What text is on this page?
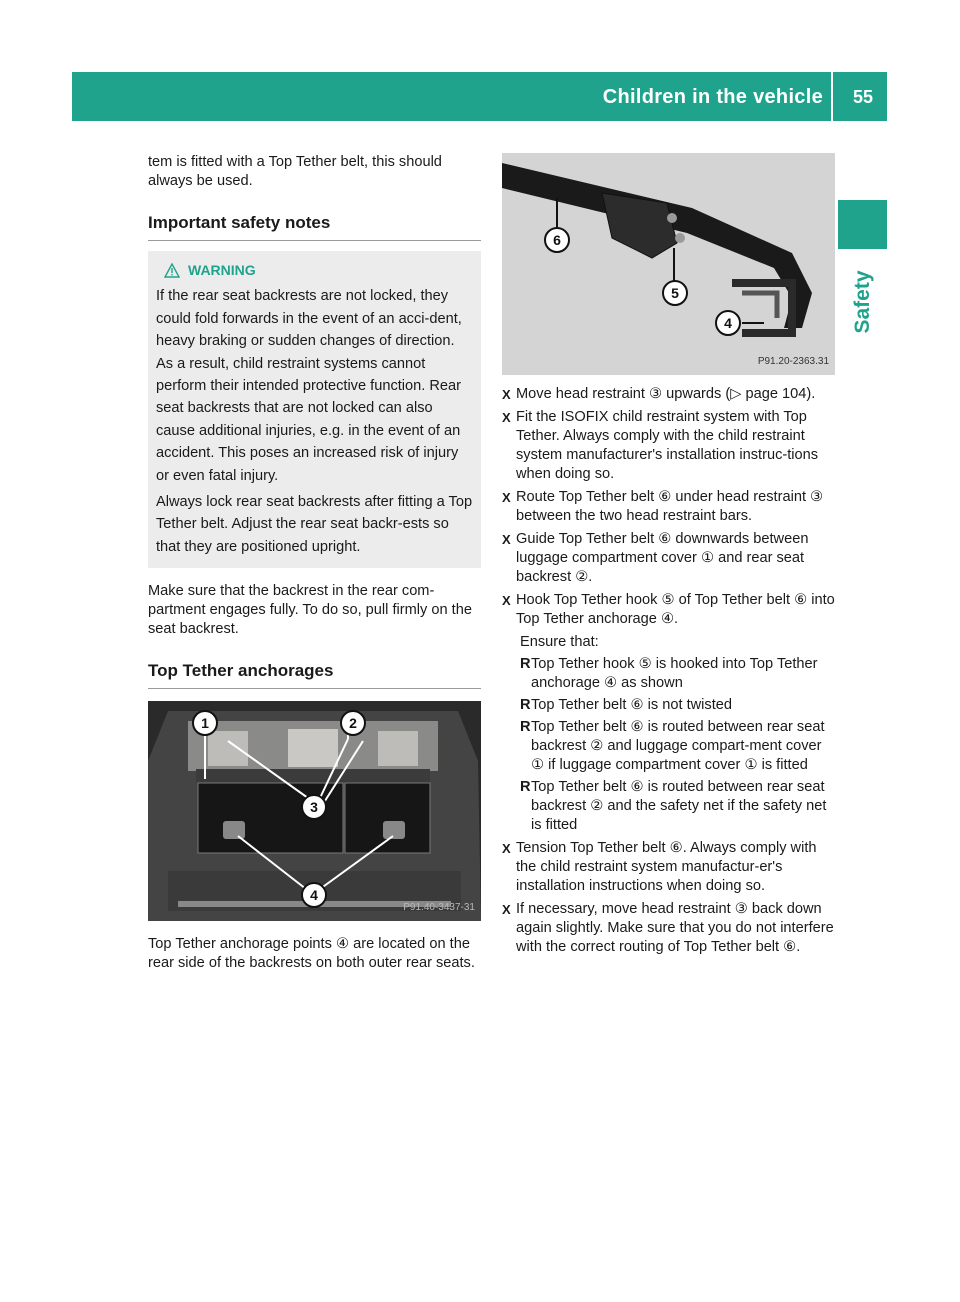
Children in the vehicle 55
Safety

tem is fitted with a Top Tether belt, this should always be used.

Important safety notes
WARNING

If the rear seat backrests are not locked, they could fold forwards in the event of an acci-dent, heavy braking or sudden changes of direction. As a result, child restraint systems cannot perform their intended protective function. Rear seat backrests that are not locked can also cause additional injuries, e.g. in the event of an accident. This poses an increased risk of injury or even fatal injury.

Always lock rear seat backrests after fitting a Top Tether belt. Adjust the rear seat backr-ests so that they are positioned upright.

Make sure that the backrest in the rear com-partment engages fully. To do so, pull firmly on the seat backrest.

Top Tether anchorages
1	2
3
4
P91.40-3437-31

Top Tether anchorage points ④ are located on the rear side of the backrests on both outer rear seats.

6
5
4
P91.20-2363.31
X Move head restraint ③ upwards (▷ page 104).
X Fit the ISOFIX child restraint system with Top Tether. Always comply with the child restraint system manufacturer's installation instruc-tions when doing so.
X Route Top Tether belt ⑥ under head restraint ③ between the two head restraint bars.
X Guide Top Tether belt ⑥ downwards between luggage compartment cover ① and rear seat backrest ②.
X Hook Top Tether hook ⑤ of Top Tether belt ⑥ into Top Tether anchorage ④.

Ensure that:

R Top Tether hook ⑤ is hooked into Top Tether anchorage ④ as shown
R Top Tether belt ⑥ is not twisted
R Top Tether belt ⑥ is routed between rear seat backrest ② and luggage compart-ment cover ① if luggage compartment cover ① is fitted
R Top Tether belt ⑥ is routed between rear seat backrest ② and the safety net if the safety net is fitted
X Tension Top Tether belt ⑥. Always comply with the child restraint system manufactur-er's installation instructions when doing so.
X If necessary, move head restraint ③ back down again slightly. Make sure that you do not interfere with the correct routing of Top Tether belt ⑥.
